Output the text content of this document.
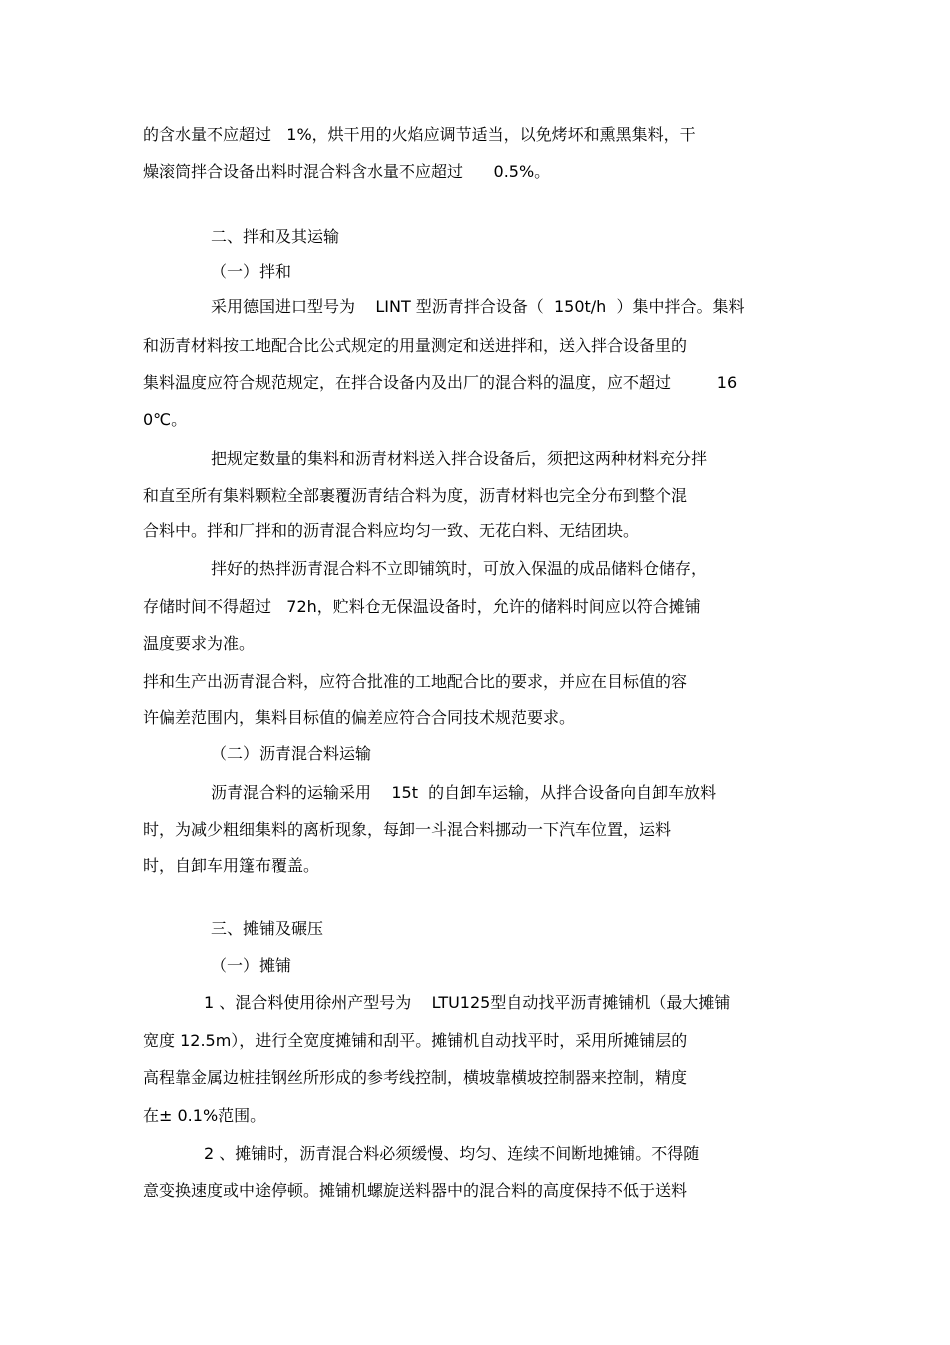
的含水量不应超过   1%，烘干用的火焰应调节适当，以免烤坏和熏黑集料，干

燥滚筒拌合设备出料时混合料含水量不应超过      0.5%。

二、拌和及其运输

（一）拌和

采用德国进口型号为    LINT 型沥青拌合设备（  150t/h  ）集中拌合。集料

和沥青材料按工地配合比公式规定的用量测定和送进拌和，送入拌合设备里的

集料温度应符合规范规定，在拌合设备内及出厂的混合料的温度，应不超过         16

0℃。

把规定数量的集料和沥青材料送入拌合设备后，须把这两种材料充分拌

和直至所有集料颗粒全部裹覆沥青结合料为度，沥青材料也完全分布到整个混

合料中。拌和厂拌和的沥青混合料应均匀一致、无花白料、无结团块。

拌好的热拌沥青混合料不立即铺筑时，可放入保温的成品储料仓储存，

存储时间不得超过   72h，贮料仓无保温设备时，允许的储料时间应以符合摊铺

温度要求为准。

拌和生产出沥青混合料，应符合批准的工地配合比的要求，并应在目标值的容

许偏差范围内，集料目标值的偏差应符合合同技术规范要求。

（二）沥青混合料运输

沥青混合料的运输采用    15t  的自卸车运输，从拌合设备向自卸车放料

时，为减少粗细集料的离析现象，每卸一斗混合料挪动一下汽车位置，运料

时，自卸车用篷布覆盖。

三、摊铺及碾压

（一）摊铺

1 、混合料使用徐州产型号为    LTU125型自动找平沥青摊铺机（最大摊铺

宽度 12.5m），进行全宽度摊铺和刮平。摊铺机自动找平时，采用所摊铺层的

高程靠金属边桩挂钢丝所形成的参考线控制，横坡靠横坡控制器来控制，精度

在± 0.1%范围。

2 、摊铺时，沥青混合料必须缓慢、均匀、连续不间断地摊铺。不得随

意变换速度或中途停顿。摊铺机螺旋送料器中的混合料的高度保持不低于送料
